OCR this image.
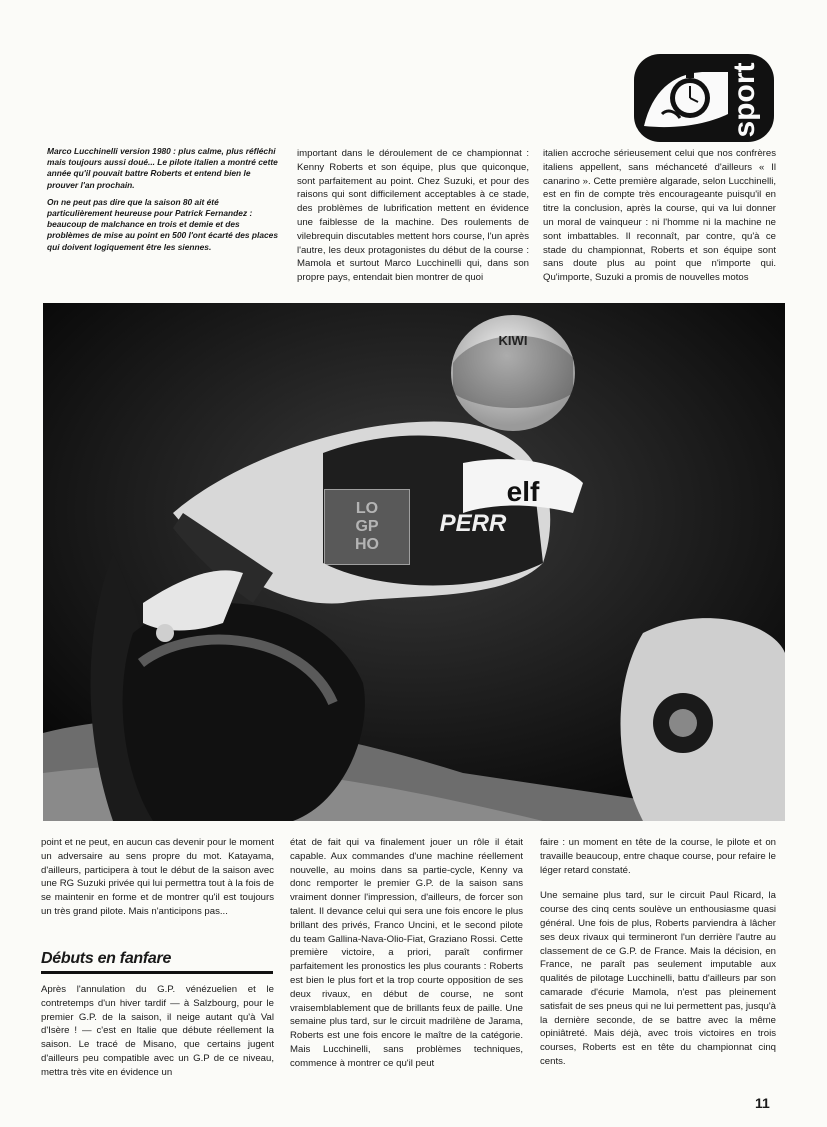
sport

Marco Lucchinelli version 1980 : plus calme, plus réfléchi mais toujours aussi doué... Le pilote italien a montré cette année qu'il pouvait battre Roberts et entend bien le prouver l'an prochain.

On ne peut pas dire que la saison 80 ait été particulièrement heureuse pour Patrick Fernandez : beaucoup de malchance en trois et demie et des problèmes de mise au point en 500 l'ont écarté des places qui doivent logiquement être les siennes.

important dans le déroulement de ce championnat : Kenny Roberts et son équipe, plus que quiconque, sont parfaitement au point. Chez Suzuki, et pour des raisons qui sont difficilement acceptables à ce stade, des problèmes de lubrification mettent en évidence une faiblesse de la machine. Des roulements de vilebrequin discutables mettent hors course, l'un après l'autre, les deux protagonistes du début de la course : Mamola et surtout Marco Lucchinelli qui, dans son propre pays, entendait bien montrer de quoi

italien accroche sérieusement celui que nos confrères italiens appellent, sans méchanceté d'ailleurs « Il canarino ». Cette première algarade, selon Lucchinelli, est en fin de compte très encourageante puisqu'il en titre la conclusion, après la course, qui va lui donner un moral de vainqueur : ni l'homme ni la machine ne sont imbattables. Il reconnaît, par contre, qu'à ce stade du championnat, Roberts et son équipe sont sans doute plus au point que n'importe qui. Qu'importe, Suzuki a promis de nouvelles motos

KIWI
elf
PERR
LO
GP
HO

point et ne peut, en aucun cas devenir pour le moment un adversaire au sens propre du mot. Katayama, d'ailleurs, participera à tout le début de la saison avec une RG Suzuki privée qui lui permettra tout à la fois de se maintenir en forme et de montrer qu'il est toujours un très grand pilote. Mais n'anticipons pas...

Débuts en fanfare

Après l'annulation du G.P. vénézuelien et le contretemps d'un hiver tardif — à Salzbourg, pour le premier G.P. de la saison, il neige autant qu'à Val d'Isère ! — c'est en Italie que débute réellement la saison. Le tracé de Misano, que certains jugent d'ailleurs peu compatible avec un G.P de ce niveau, mettra très vite en évidence un

état de fait qui va finalement jouer un rôle il était capable. Aux commandes d'une machine réellement nouvelle, au moins dans sa partie-cycle, Kenny va donc remporter le premier G.P. de la saison sans vraiment donner l'impression, d'ailleurs, de forcer son talent. Il devance celui qui sera une fois encore le plus brillant des privés, Franco Uncini, et le second pilote du team Gallina-Nava-Olio-Fiat, Graziano Rossi. Cette première victoire, a priori, paraît confirmer parfaitement les pronostics les plus courants : Roberts est bien le plus fort et la trop courte opposition de ses deux rivaux, en début de course, ne sont vraisemblablement que de brillants feux de paille. Une semaine plus tard, sur le circuit madrilène de Jarama, Roberts est une fois encore le maître de la catégorie. Mais Lucchinelli, sans problèmes techniques, commence à montrer ce qu'il peut

faire : un moment en tête de la course, le pilote et on travaille beaucoup, entre chaque course, pour refaire le léger retard constaté.

Une semaine plus tard, sur le circuit Paul Ricard, la course des cinq cents soulève un enthousiasme quasi général. Une fois de plus, Roberts parviendra à lâcher ses deux rivaux qui termineront l'un derrière l'autre au classement de ce G.P. de France. Mais la décision, en France, ne paraît pas seulement imputable aux qualités de pilotage Lucchinelli, battu d'ailleurs par son camarade d'écurie Mamola, n'est pas pleinement satisfait de ses pneus qui ne lui permettent pas, jusqu'à la dernière seconde, de se battre avec la même opiniâtreté. Mais déjà, avec trois victoires en trois courses, Roberts est en tête du championnat cinq cents.

11
